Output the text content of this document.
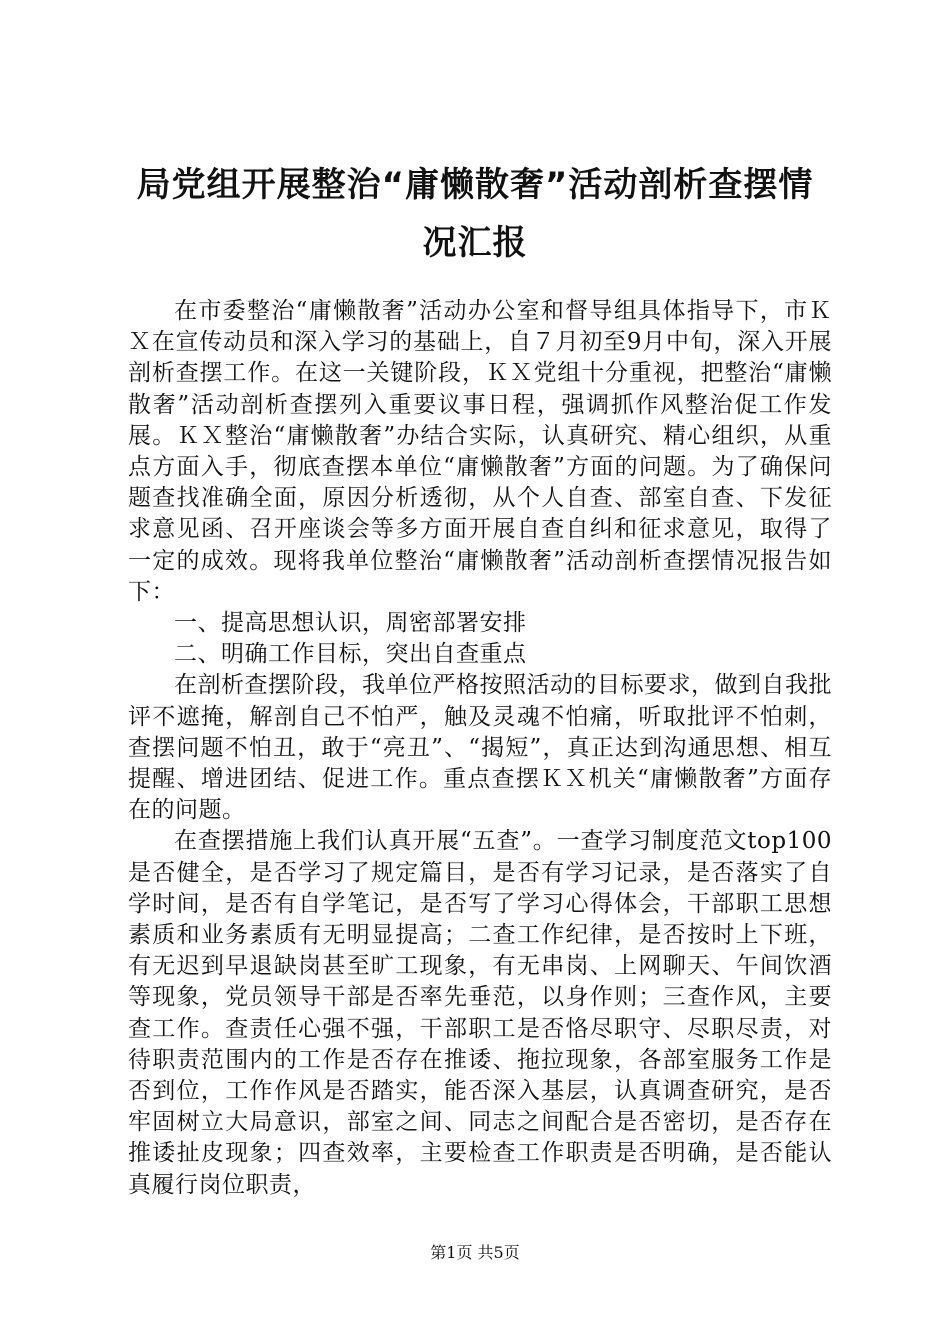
局党组开展整治“庸懒散奢”活动剖析查摆情况汇报

在市委整治“庸懒散奢”活动办公室和督导组具体指导下，市ＫＸ在宣传动员和深入学习的基础上，自７月初至9月中旬，深入开展剖析查摆工作。在这一关键阶段，ＫＸ党组十分重视，把整治“庸懒散奢”活动剖析查摆列入重要议事日程，强调抓作风整治促工作发展。ＫＸ整治“庸懒散奢”办结合实际，认真研究、精心组织，从重点方面入手，彻底查摆本单位“庸懒散奢”方面的问题。为了确保问题查找准确全面，原因分析透彻，从个人自查、部室自查、下发征求意见函、召开座谈会等多方面开展自查自纠和征求意见，取得了一定的成效。现将我单位整治“庸懒散奢”活动剖析查摆情况报告如下：

一、提高思想认识，周密部署安排

二、明确工作目标，突出自查重点

在剖析查摆阶段，我单位严格按照活动的目标要求，做到自我批评不遮掩，解剖自己不怕严，触及灵魂不怕痛，听取批评不怕刺，查摆问题不怕丑，敢于“亮丑”、“揭短”，真正达到沟通思想、相互提醒、增进团结、促进工作。重点查摆ＫＸ机关“庸懒散奢”方面存在的问题。

在查摆措施上我们认真开展“五查”。一查学习制度范文top100是否健全，是否学习了规定篇目，是否有学习记录，是否落实了自学时间，是否有自学笔记，是否写了学习心得体会，干部职工思想素质和业务素质有无明显提高；二查工作纪律，是否按时上下班，有无迟到早退缺岗甚至旷工现象，有无串岗、上网聊天、午间饮酒等现象，党员领导干部是否率先垂范，以身作则；三查作风，主要查工作。查责任心强不强，干部职工是否恪尽职守、尽职尽责，对待职责范围内的工作是否存在推诿、拖拉现象，各部室服务工作是否到位，工作作风是否踏实，能否深入基层，认真调查研究，是否牢固树立大局意识，部室之间、同志之间配合是否密切，是否存在推诿扯皮现象；四查效率，主要检查工作职责是否明确，是否能认真履行岗位职责，

第1页 共5页
